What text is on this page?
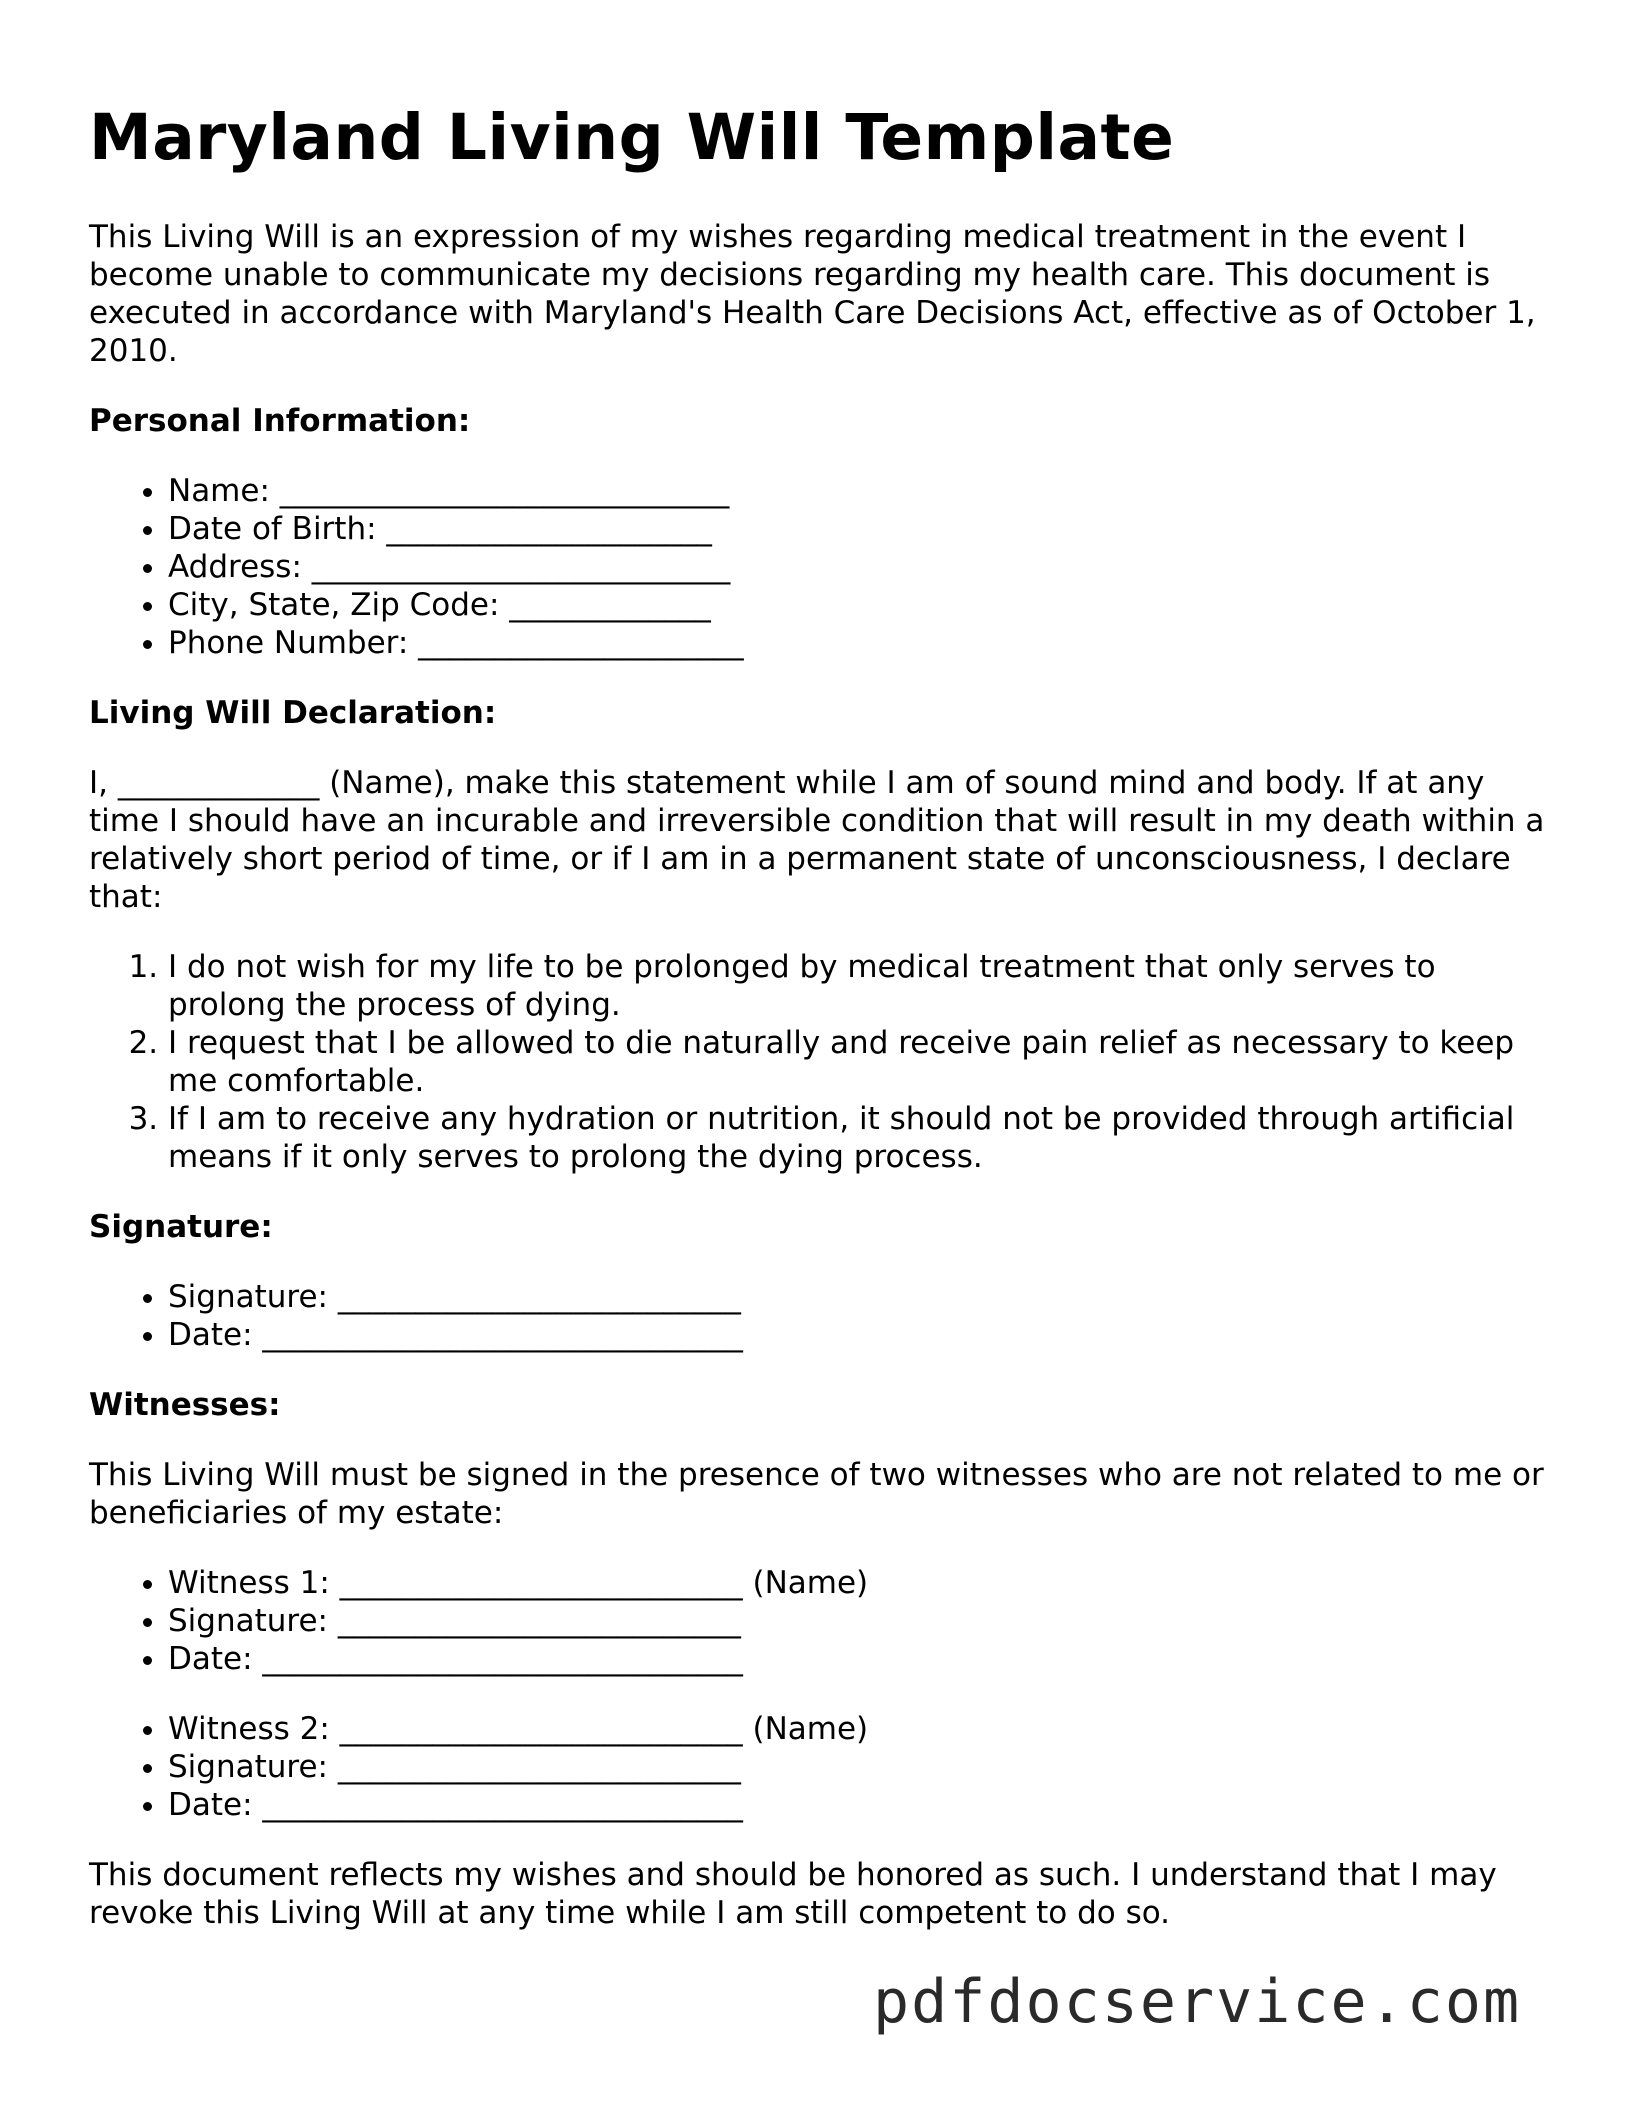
Maryland Living Will Template

This Living Will is an expression of my wishes regarding medical treatment in the event I become unable to communicate my decisions regarding my health care. This document is executed in accordance with Maryland's Health Care Decisions Act, effective as of October 1, 2010.

Personal Information:
• Name: _____________________________
• Date of Birth: _____________________
• Address: ___________________________
• City, State, Zip Code: _____________
• Phone Number: _____________________
Living Will Declaration:

I, _____________ (Name), make this statement while I am of sound mind and body. If at any time I should have an incurable and irreversible condition that will result in my death within a relatively short period of time, or if I am in a permanent state of unconsciousness, I declare that:

1. I do not wish for my life to be prolonged by medical treatment that only serves to prolong the process of dying.
2. I request that I be allowed to die naturally and receive pain relief as necessary to keep me comfortable.
3. If I am to receive any hydration or nutrition, it should not be provided through artificial means if it only serves to prolong the dying process.
Signature:
• Signature: __________________________
• Date: _______________________________
Witnesses:

This Living Will must be signed in the presence of two witnesses who are not related to me or beneficiaries of my estate:

• Witness 1: __________________________ (Name)
• Signature: __________________________
• Date: _______________________________
• Witness 2: __________________________ (Name)
• Signature: __________________________
• Date: _______________________________

This document reflects my wishes and should be honored as such. I understand that I may revoke this Living Will at any time while I am still competent to do so.

pdfdocservice.com
